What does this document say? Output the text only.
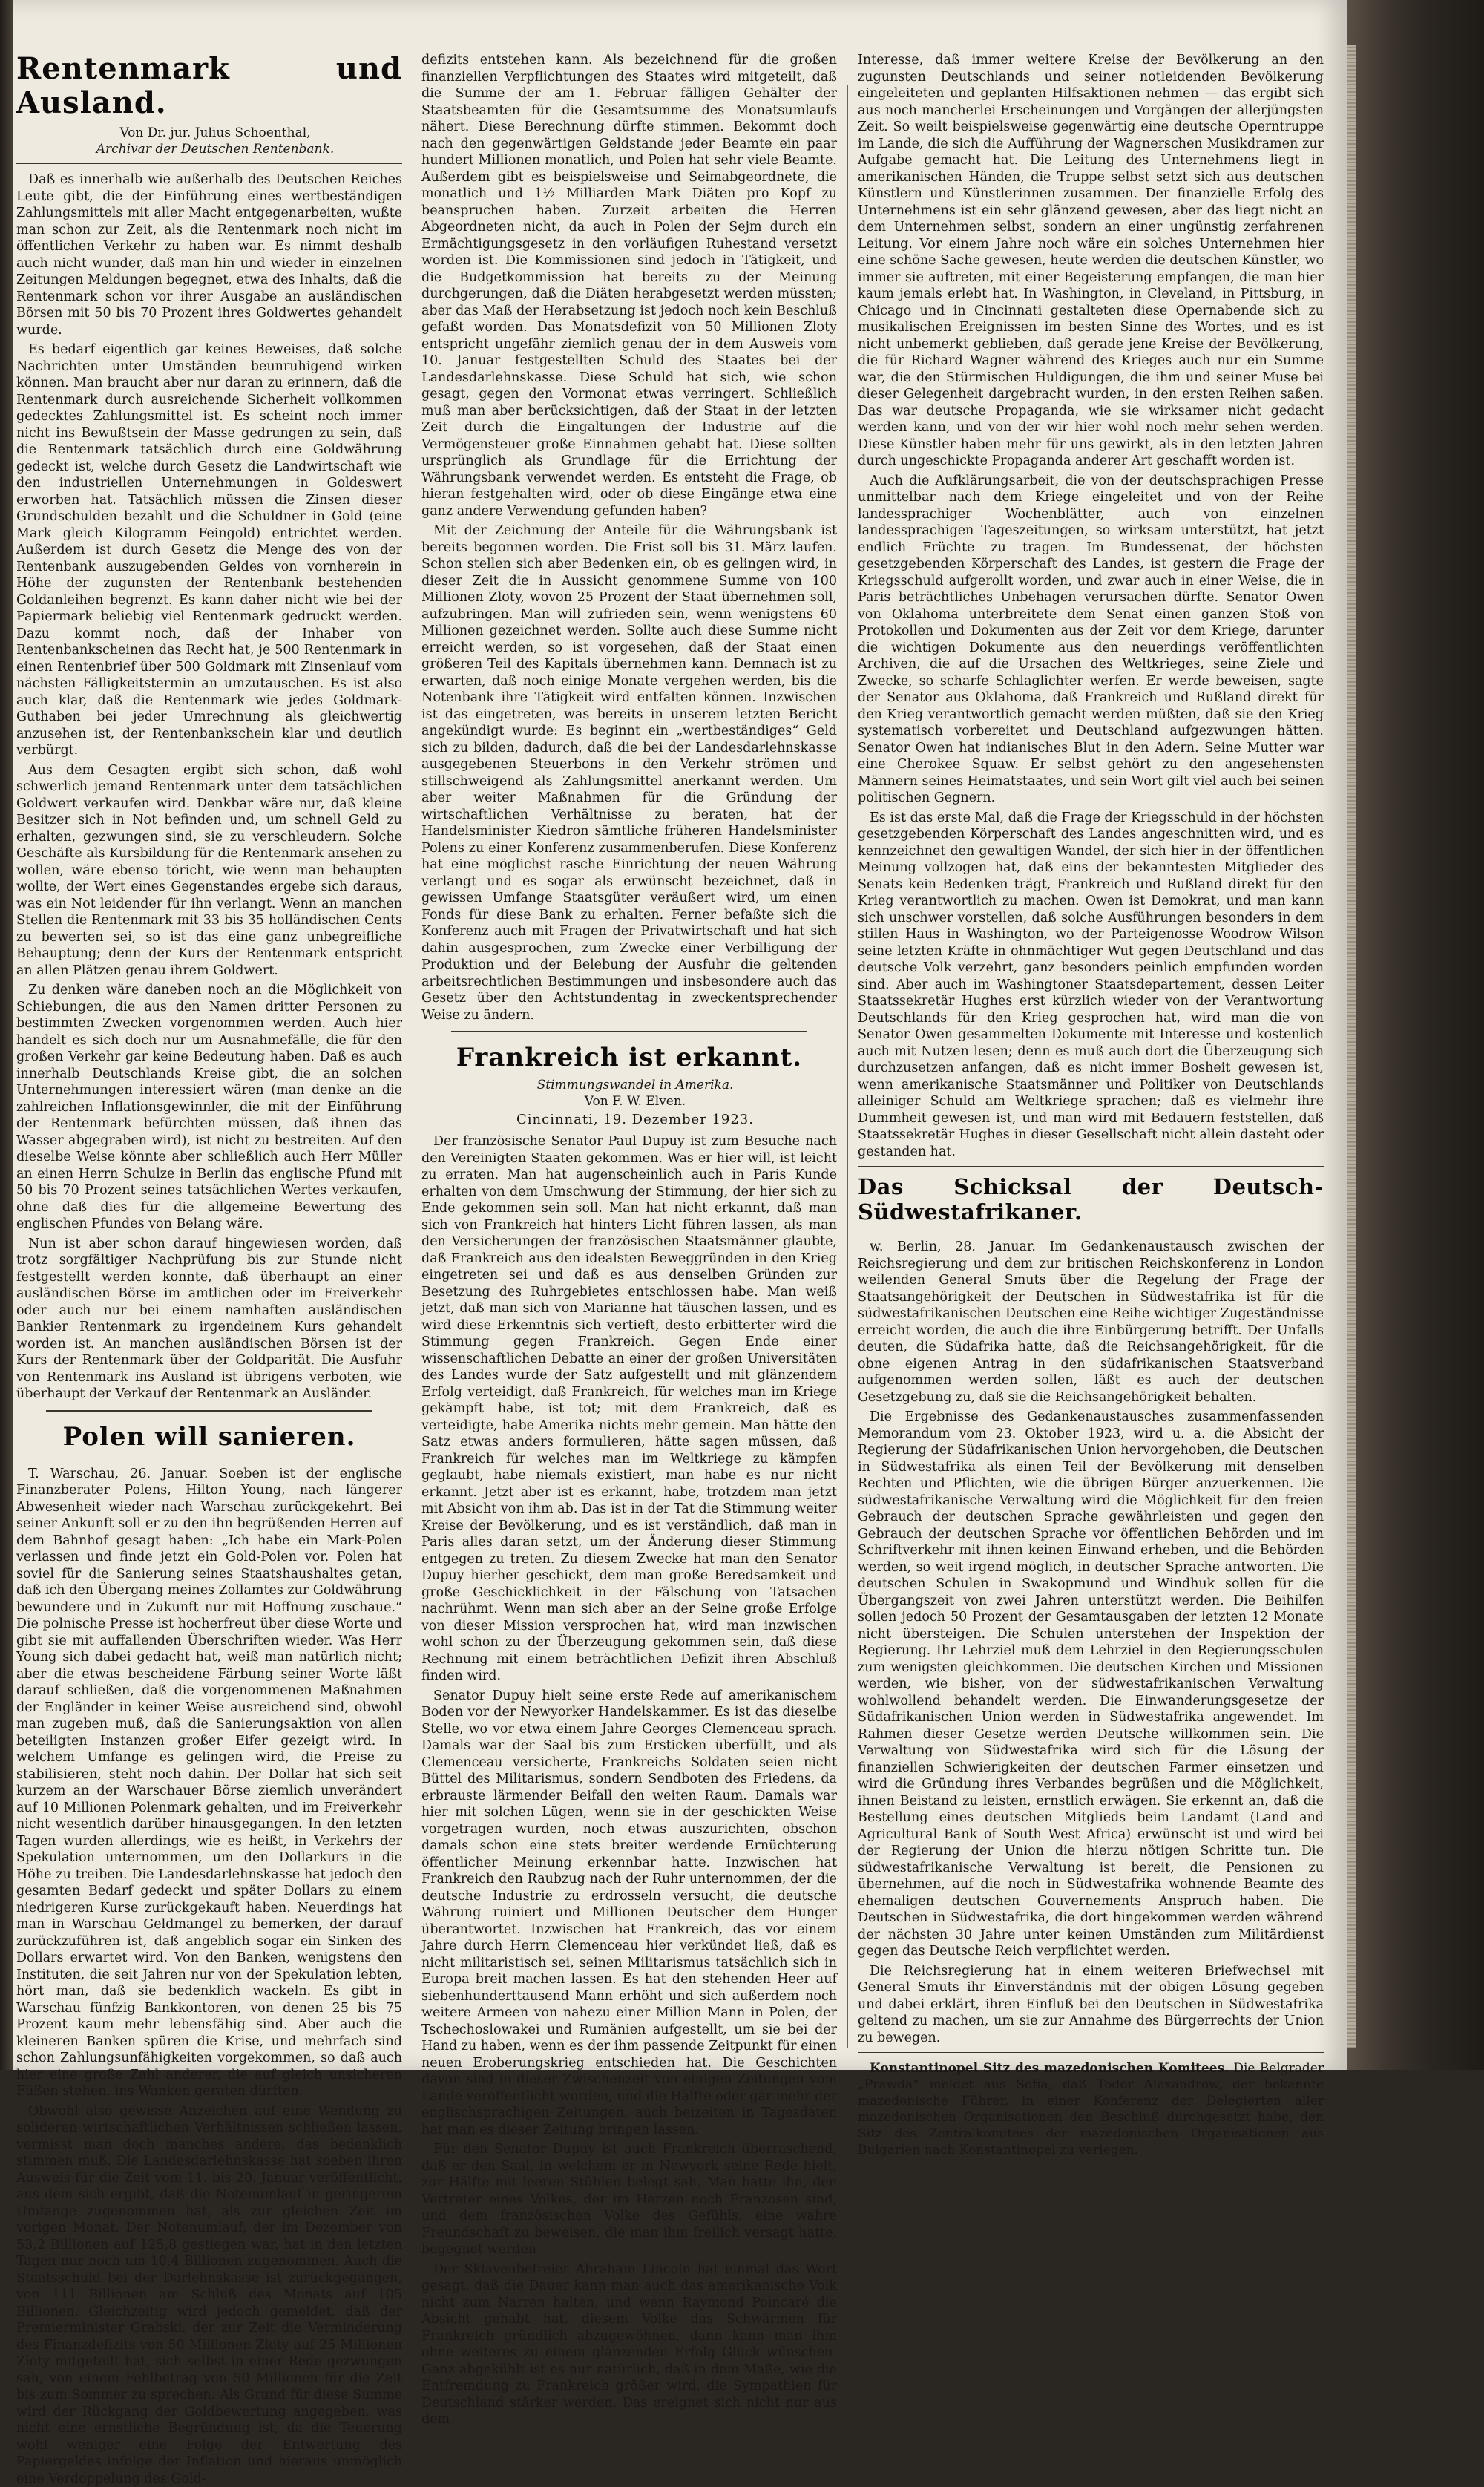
Rentenmark und Ausland.

Von Dr. jur. Julius Schoenthal,

Archivar der Deutschen Rentenbank.

Daß es innerhalb wie außerhalb des Deutschen Reiches Leute gibt, die der Einführung eines wertbeständigen Zahlungsmittels mit aller Macht entgegenarbeiten, wußte man schon zur Zeit, als die Rentenmark noch nicht im öffentlichen Verkehr zu haben war. Es nimmt deshalb auch nicht wunder, daß man hin und wieder in einzelnen Zeitungen Meldungen begegnet, etwa des Inhalts, daß die Rentenmark schon vor ihrer Ausgabe an ausländischen Börsen mit 50 bis 70 Prozent ihres Goldwertes gehandelt wurde.

Es bedarf eigentlich gar keines Beweises, daß solche Nachrichten unter Umständen beunruhigend wirken können. Man braucht aber nur daran zu erinnern, daß die Rentenmark durch ausreichende Sicherheit vollkommen gedecktes Zahlungsmittel ist. Es scheint noch immer nicht ins Bewußtsein der Masse gedrungen zu sein, daß die Rentenmark tatsächlich durch eine Goldwährung gedeckt ist, welche durch Gesetz die Landwirtschaft wie den industriellen Unternehmungen in Goldeswert erworben hat. Tatsächlich müssen die Zinsen dieser Grundschulden bezahlt und die Schuldner in Gold (eine Mark gleich Kilogramm Feingold) entrichtet werden. Außerdem ist durch Gesetz die Menge des von der Rentenbank auszugebenden Geldes von vornherein in Höhe der zugunsten der Rentenbank bestehenden Goldanleihen begrenzt. Es kann daher nicht wie bei der Papiermark beliebig viel Rentenmark gedruckt werden. Dazu kommt noch, daß der Inhaber von Rentenbankscheinen das Recht hat, je 500 Rentenmark in einen Rentenbrief über 500 Goldmark mit Zinsenlauf vom nächsten Fälligkeitstermin an umzutauschen. Es ist also auch klar, daß die Rentenmark wie jedes Goldmark-Guthaben bei jeder Umrechnung als gleichwertig anzusehen ist, der Rentenbankschein klar und deutlich verbürgt.

Aus dem Gesagten ergibt sich schon, daß wohl schwerlich jemand Rentenmark unter dem tatsächlichen Goldwert verkaufen wird. Denkbar wäre nur, daß kleine Besitzer sich in Not befinden und, um schnell Geld zu erhalten, gezwungen sind, sie zu verschleudern. Solche Geschäfte als Kursbildung für die Rentenmark ansehen zu wollen, wäre ebenso töricht, wie wenn man behaupten wollte, der Wert eines Gegenstandes ergebe sich daraus, was ein Not leidender für ihn verlangt. Wenn an manchen Stellen die Rentenmark mit 33 bis 35 holländischen Cents zu bewerten sei, so ist das eine ganz unbegreifliche Behauptung; denn der Kurs der Rentenmark entspricht an allen Plätzen genau ihrem Goldwert.

Zu denken wäre daneben noch an die Möglichkeit von Schiebungen, die aus den Namen dritter Personen zu bestimmten Zwecken vorgenommen werden. Auch hier handelt es sich doch nur um Ausnahmefälle, die für den großen Verkehr gar keine Bedeutung haben. Daß es auch innerhalb Deutschlands Kreise gibt, die an solchen Unternehmungen interessiert wären (man denke an die zahlreichen Inflationsgewinnler, die mit der Einführung der Rentenmark befürchten müssen, daß ihnen das Wasser abgegraben wird), ist nicht zu bestreiten. Auf den dieselbe Weise könnte aber schließlich auch Herr Müller an einen Herrn Schulze in Berlin das englische Pfund mit 50 bis 70 Prozent seines tatsächlichen Wertes verkaufen, ohne daß dies für die allgemeine Bewertung des englischen Pfundes von Belang wäre.

Nun ist aber schon darauf hingewiesen worden, daß trotz sorgfältiger Nachprüfung bis zur Stunde nicht festgestellt werden konnte, daß überhaupt an einer ausländischen Börse im amtlichen oder im Freiverkehr oder auch nur bei einem namhaften ausländischen Bankier Rentenmark zu irgendeinem Kurs gehandelt worden ist. An manchen ausländischen Börsen ist der Kurs der Rentenmark über der Goldparität. Die Ausfuhr von Rentenmark ins Ausland ist übrigens verboten, wie überhaupt der Verkauf der Rentenmark an Ausländer.

Polen will sanieren.

T. Warschau, 26. Januar. Soeben ist der englische Finanzberater Polens, Hilton Young, nach längerer Abwesenheit wieder nach Warschau zurückgekehrt. Bei seiner Ankunft soll er zu den ihn begrüßenden Herren auf dem Bahnhof gesagt haben: „Ich habe ein Mark-Polen verlassen und finde jetzt ein Gold-Polen vor. Polen hat soviel für die Sanierung seines Staatshaushaltes getan, daß ich den Übergang meines Zollamtes zur Goldwährung bewundere und in Zukunft nur mit Hoffnung zuschaue.“ Die polnische Presse ist hocherfreut über diese Worte und gibt sie mit auffallenden Überschriften wieder. Was Herr Young sich dabei gedacht hat, weiß man natürlich nicht; aber die etwas bescheidene Färbung seiner Worte läßt darauf schließen, daß die vorgenommenen Maßnahmen der Engländer in keiner Weise ausreichend sind, obwohl man zugeben muß, daß die Sanierungsaktion von allen beteiligten Instanzen großer Eifer gezeigt wird. In welchem Umfange es gelingen wird, die Preise zu stabilisieren, steht noch dahin. Der Dollar hat sich seit kurzem an der Warschauer Börse ziemlich unverändert auf 10 Millionen Polenmark gehalten, und im Freiverkehr nicht wesentlich darüber hinausgegangen. In den letzten Tagen wurden allerdings, wie es heißt, in Verkehrs der Spekulation unternommen, um den Dollarkurs in die Höhe zu treiben. Die Landesdarlehnskasse hat jedoch den gesamten Bedarf gedeckt und später Dollars zu einem niedrigeren Kurse zurückgekauft haben. Neuerdings hat man in Warschau Geldmangel zu bemerken, der darauf zurückzuführen ist, daß angeblich sogar ein Sinken des Dollars erwartet wird. Von den Banken, wenigstens den Instituten, die seit Jahren nur von der Spekulation lebten, hört man, daß sie bedenklich wackeln. Es gibt in Warschau fünfzig Bankkontoren, von denen 25 bis 75 Prozent kaum mehr lebensfähig sind. Aber auch die kleineren Banken spüren die Krise, und mehrfach sind schon Zahlungsunfähigkeiten vorgekommen, so daß auch hier eine große Zahl anderer, die auf gleich unsicheren Füßen stehen, ins Wanken geraten dürften.

Obwohl also gewisse Anzeichen auf eine Wendung zu solideren wirtschaftlichen Verhältnissen schließen lassen, vermisst man doch manches andere, das bedenklich stimmen muß. Die Landesdarlehnskasse hat soeben ihren Ausweis für die Zeit vom 11. bis 20. Januar veröffentlicht, aus dem sich ergibt, daß die Notenumlauf in geringerem Umfange zugenommen hat, als zur gleichen Zeit im vorigen Monat. Der Notenumlauf, der im Dezember von 53,2 Billionen auf 125,8 gestiegen war, hat in den letzten Tagen nur noch um 10,4 Billionen zugenommen. Auch die Staatsschuld bei der Darlehnskasse ist zurückgegangen, von 111 Billionen am Schluß des Monats auf 105 Billionen. Gleichzeitig wird jedoch gemeldet, daß der Premierminister Grabski, der zur Zeit die Verminderung des Finanzdefizits von 50 Millionen Zloty auf 25 Millionen Zloty mitgeteilt hat, sich selbst in einer Rede gezwungen sah, von einem Fehlbetrag von 50 Millionen für die Zeit bis zum Sommer zu sprechen. Als Grund für diese Summe wird der Rückgang der Goldbewertung angegeben, was nicht eine ernstliche Begründung ist, da die Teuerung wohl weniger eine Folge der Entwertung des Papiergeldes infolge der Inflation und hieraus unmöglich eine Verdoppelung des Gold-

defizits entstehen kann. Als bezeichnend für die großen finanziellen Verpflichtungen des Staates wird mitgeteilt, daß die Summe der am 1. Februar fälligen Gehälter der Staatsbeamten für die Gesamtsumme des Monatsumlaufs nähert. Diese Berechnung dürfte stimmen. Bekommt doch nach den gegenwärtigen Geldstande jeder Beamte ein paar hundert Millionen monatlich, und Polen hat sehr viele Beamte. Außerdem gibt es beispielsweise und Seimabgeordnete, die monatlich und 1½ Milliarden Mark Diäten pro Kopf zu beanspruchen haben. Zurzeit arbeiten die Herren Abgeordneten nicht, da auch in Polen der Sejm durch ein Ermächtigungsgesetz in den vorläufigen Ruhestand versetzt worden ist. Die Kommissionen sind jedoch in Tätigkeit, und die Budgetkommission hat bereits zu der Meinung durchgerungen, daß die Diäten herabgesetzt werden müssten; aber das Maß der Herabsetzung ist jedoch noch kein Beschluß gefaßt worden. Das Monatsdefizit von 50 Millionen Zloty entspricht ungefähr ziemlich genau der in dem Ausweis vom 10. Januar festgestellten Schuld des Staates bei der Landesdarlehnskasse. Diese Schuld hat sich, wie schon gesagt, gegen den Vormonat etwas verringert. Schließlich muß man aber berücksichtigen, daß der Staat in der letzten Zeit durch die Eingaltungen der Industrie auf die Vermögensteuer große Einnahmen gehabt hat. Diese sollten ursprünglich als Grundlage für die Errichtung der Währungsbank verwendet werden. Es entsteht die Frage, ob hieran festgehalten wird, oder ob diese Eingänge etwa eine ganz andere Verwendung gefunden haben?

Mit der Zeichnung der Anteile für die Währungsbank ist bereits begonnen worden. Die Frist soll bis 31. März laufen. Schon stellen sich aber Bedenken ein, ob es gelingen wird, in dieser Zeit die in Aussicht genommene Summe von 100 Millionen Zloty, wovon 25 Prozent der Staat übernehmen soll, aufzubringen. Man will zufrieden sein, wenn wenigstens 60 Millionen gezeichnet werden. Sollte auch diese Summe nicht erreicht werden, so ist vorgesehen, daß der Staat einen größeren Teil des Kapitals übernehmen kann. Demnach ist zu erwarten, daß noch einige Monate vergehen werden, bis die Notenbank ihre Tätigkeit wird entfalten können. Inzwischen ist das eingetreten, was bereits in unserem letzten Bericht angekündigt wurde: Es beginnt ein „wertbeständiges“ Geld sich zu bilden, dadurch, daß die bei der Landesdarlehnskasse ausgegebenen Steuerbons in den Verkehr strömen und stillschweigend als Zahlungsmittel anerkannt werden. Um aber weiter Maßnahmen für die Gründung der wirtschaftlichen Verhältnisse zu beraten, hat der Handelsminister Kiedron sämtliche früheren Handelsminister Polens zu einer Konferenz zusammenberufen. Diese Konferenz hat eine möglichst rasche Einrichtung der neuen Währung verlangt und es sogar als erwünscht bezeichnet, daß in gewissen Umfange Staatsgüter veräußert wird, um einen Fonds für diese Bank zu erhalten. Ferner befaßte sich die Konferenz auch mit Fragen der Privatwirtschaft und hat sich dahin ausgesprochen, zum Zwecke einer Verbilligung der Produktion und der Belebung der Ausfuhr die geltenden arbeitsrechtlichen Bestimmungen und insbesondere auch das Gesetz über den Achtstundentag in zweckentsprechender Weise zu ändern.

Frankreich ist erkannt.

Stimmungswandel in Amerika.

Von F. W. Elven.

Cincinnati, 19. Dezember 1923.

Der französische Senator Paul Dupuy ist zum Besuche nach den Vereinigten Staaten gekommen. Was er hier will, ist leicht zu erraten. Man hat augenscheinlich auch in Paris Kunde erhalten von dem Umschwung der Stimmung, der hier sich zu Ende gekommen sein soll. Man hat nicht erkannt, daß man sich von Frankreich hat hinters Licht führen lassen, als man den Versicherungen der französischen Staatsmänner glaubte, daß Frankreich aus den idealsten Beweggründen in den Krieg eingetreten sei und daß es aus denselben Gründen zur Besetzung des Ruhrgebietes entschlossen habe. Man weiß jetzt, daß man sich von Marianne hat täuschen lassen, und es wird diese Erkenntnis sich vertieft, desto erbitterter wird die Stimmung gegen Frankreich. Gegen Ende einer wissenschaftlichen Debatte an einer der großen Universitäten des Landes wurde der Satz aufgestellt und mit glänzendem Erfolg verteidigt, daß Frankreich, für welches man im Kriege gekämpft habe, ist tot; mit dem Frankreich, daß es verteidigte, habe Amerika nichts mehr gemein. Man hätte den Satz etwas anders formulieren, hätte sagen müssen, daß Frankreich für welches man im Weltkriege zu kämpfen geglaubt, habe niemals existiert, man habe es nur nicht erkannt. Jetzt aber ist es erkannt, habe, trotzdem man jetzt mit Absicht von ihm ab. Das ist in der Tat die Stimmung weiter Kreise der Bevölkerung, und es ist verständlich, daß man in Paris alles daran setzt, um der Änderung dieser Stimmung entgegen zu treten. Zu diesem Zwecke hat man den Senator Dupuy hierher geschickt, dem man große Beredsamkeit und große Geschicklichkeit in der Fälschung von Tatsachen nachrühmt. Wenn man sich aber an der Seine große Erfolge von dieser Mission versprochen hat, wird man inzwischen wohl schon zu der Überzeugung gekommen sein, daß diese Rechnung mit einem beträchtlichen Defizit ihren Abschluß finden wird.

Senator Dupuy hielt seine erste Rede auf amerikanischem Boden vor der Newyorker Handelskammer. Es ist das dieselbe Stelle, wo vor etwa einem Jahre Georges Clemenceau sprach. Damals war der Saal bis zum Ersticken überfüllt, und als Clemenceau versicherte, Frankreichs Soldaten seien nicht Büttel des Militarismus, sondern Sendboten des Friedens, da erbrauste lärmender Beifall den weiten Raum. Damals war hier mit solchen Lügen, wenn sie in der geschickten Weise vorgetragen wurden, noch etwas auszurichten, obschon damals schon eine stets breiter werdende Ernüchterung öffentlicher Meinung erkennbar hatte. Inzwischen hat Frankreich den Raubzug nach der Ruhr unternommen, der die deutsche Industrie zu erdrosseln versucht, die deutsche Währung ruiniert und Millionen Deutscher dem Hunger überantwortet. Inzwischen hat Frankreich, das vor einem Jahre durch Herrn Clemenceau hier verkündet ließ, daß es nicht militaristisch sei, seinen Militarismus tatsächlich sich in Europa breit machen lassen. Es hat den stehenden Heer auf siebenhunderttausend Mann erhöht und sich außerdem noch weitere Armeen von nahezu einer Million Mann in Polen, der Tschechoslowakei und Rumänien aufgestellt, um sie bei der Hand zu haben, wenn es der ihm passende Zeitpunkt für einen neuen Eroberungskrieg entschieden hat. Die Geschichten davon sind in dieser Zwischenzeit von einigen Zeitungen vom Lande veröffentlicht worden, und die Hälfte oder gar mehr der englischsprachigen Zeitungen, auch beizeiten in Tagesdaten hat man es dieser Zeitung bringen lassen.

Für den Senator Dupuy ist auch Frankreich überraschend, daß er den Saal, in welchem er in Newyork seine Rede hielt, zur Hälfte mit leeren Stühlen belegt sah. Man hatte ihn, den Vertreter eines Volkes, der im Herzen noch Franzosen sind, und dem französischen Volke des Gefühls, eine wahre Freundschaft zu beweisen, die man ihm freilich versagt hatte, begegnet werden.

Der Sklavenbefreier Abraham Lincoln hat einmal das Wort gesagt, daß die Dauer kann man auch das amerikanische Volk nicht zum Narren halten, und wenn Raymond Poincaré die Absicht gehabt hat, diesem Volke das Schwärmen für Frankreich gründlich abzugewöhnen, dann kann man ihm ohne weiteres zu einem glänzenden Erfolg Glück wünschen. Ganz abgekühlt ist es nur natürlich, daß in dem Maße, wie die Entfremdung zu Frankreich größer wird, die Sympathien für Deutschland stärker werden. Das ereignet sich nicht nur aus dem

Interesse, daß immer weitere Kreise der Bevölkerung an den zugunsten Deutschlands und seiner notleidenden Bevölkerung eingeleiteten und geplanten Hilfsaktionen nehmen — das ergibt sich aus noch mancherlei Erscheinungen und Vorgängen der allerjüngsten Zeit. So weilt beispielsweise gegenwärtig eine deutsche Operntruppe im Lande, die sich die Aufführung der Wagnerschen Musikdramen zur Aufgabe gemacht hat. Die Leitung des Unternehmens liegt in amerikanischen Händen, die Truppe selbst setzt sich aus deutschen Künstlern und Künstlerinnen zusammen. Der finanzielle Erfolg des Unternehmens ist ein sehr glänzend gewesen, aber das liegt nicht an dem Unternehmen selbst, sondern an einer ungünstig zerfahrenen Leitung. Vor einem Jahre noch wäre ein solches Unternehmen hier eine schöne Sache gewesen, heute werden die deutschen Künstler, wo immer sie auftreten, mit einer Begeisterung empfangen, die man hier kaum jemals erlebt hat. In Washington, in Cleveland, in Pittsburg, in Chicago und in Cincinnati gestalteten diese Opernabende sich zu musikalischen Ereignissen im besten Sinne des Wortes, und es ist nicht unbemerkt geblieben, daß gerade jene Kreise der Bevölkerung, die für Richard Wagner während des Krieges auch nur ein Summe war, die den Stürmischen Huldigungen, die ihm und seiner Muse bei dieser Gelegenheit dargebracht wurden, in den ersten Reihen saßen. Das war deutsche Propaganda, wie sie wirksamer nicht gedacht werden kann, und von der wir hier wohl noch mehr sehen werden. Diese Künstler haben mehr für uns gewirkt, als in den letzten Jahren durch ungeschickte Propaganda anderer Art geschafft worden ist.

Auch die Aufklärungsarbeit, die von der deutschsprachigen Presse unmittelbar nach dem Kriege eingeleitet und von der Reihe landessprachiger Wochenblätter, auch von einzelnen landessprachigen Tageszeitungen, so wirksam unterstützt, hat jetzt endlich Früchte zu tragen. Im Bundessenat, der höchsten gesetzgebenden Körperschaft des Landes, ist gestern die Frage der Kriegsschuld aufgerollt worden, und zwar auch in einer Weise, die in Paris beträchtliches Unbehagen verursachen dürfte. Senator Owen von Oklahoma unterbreitete dem Senat einen ganzen Stoß von Protokollen und Dokumenten aus der Zeit vor dem Kriege, darunter die wichtigen Dokumente aus den neuerdings veröffentlichten Archiven, die auf die Ursachen des Weltkrieges, seine Ziele und Zwecke, so scharfe Schlaglichter werfen. Er werde beweisen, sagte der Senator aus Oklahoma, daß Frankreich und Rußland direkt für den Krieg verantwortlich gemacht werden müßten, daß sie den Krieg systematisch vorbereitet und Deutschland aufgezwungen hätten. Senator Owen hat indianisches Blut in den Adern. Seine Mutter war eine Cherokee Squaw. Er selbst gehört zu den angesehensten Männern seines Heimatstaates, und sein Wort gilt viel auch bei seinen politischen Gegnern.

Es ist das erste Mal, daß die Frage der Kriegsschuld in der höchsten gesetzgebenden Körperschaft des Landes angeschnitten wird, und es kennzeichnet den gewaltigen Wandel, der sich hier in der öffentlichen Meinung vollzogen hat, daß eins der bekanntesten Mitglieder des Senats kein Bedenken trägt, Frankreich und Rußland direkt für den Krieg verantwortlich zu machen. Owen ist Demokrat, und man kann sich unschwer vorstellen, daß solche Ausführungen besonders in dem stillen Haus in Washington, wo der Parteigenosse Woodrow Wilson seine letzten Kräfte in ohnmächtiger Wut gegen Deutschland und das deutsche Volk verzehrt, ganz besonders peinlich empfunden worden sind. Aber auch im Washingtoner Staatsdepartement, dessen Leiter Staatssekretär Hughes erst kürzlich wieder von der Verantwortung Deutschlands für den Krieg gesprochen hat, wird man die von Senator Owen gesammelten Dokumente mit Interesse und kostenlich auch mit Nutzen lesen; denn es muß auch dort die Überzeugung sich durchzusetzen anfangen, daß es nicht immer Bosheit gewesen ist, wenn amerikanische Staatsmänner und Politiker von Deutschlands alleiniger Schuld am Weltkriege sprachen; daß es vielmehr ihre Dummheit gewesen ist, und man wird mit Bedauern feststellen, daß Staatssekretär Hughes in dieser Gesellschaft nicht allein dasteht oder gestanden hat.

Das Schicksal der Deutsch-Südwestafrikaner.

w. Berlin, 28. Januar. Im Gedankenaustausch zwischen der Reichsregierung und dem zur britischen Reichskonferenz in London weilenden General Smuts über die Regelung der Frage der Staatsangehörigkeit der Deutschen in Südwestafrika ist für die südwestafrikanischen Deutschen eine Reihe wichtiger Zugeständnisse erreicht worden, die auch die ihre Einbürgerung betrifft. Der Unfalls deuten, die Südafrika hatte, daß die Reichsangehörigkeit, für die obne eigenen Antrag in den südafrikanischen Staatsverband aufgenommen werden sollen, läßt es auch der deutschen Gesetzgebung zu, daß sie die Reichsangehörigkeit behalten.

Die Ergebnisse des Gedankenaustausches zusammenfassenden Memorandum vom 23. Oktober 1923, wird u. a. die Absicht der Regierung der Südafrikanischen Union hervorgehoben, die Deutschen in Südwestafrika als einen Teil der Bevölkerung mit denselben Rechten und Pflichten, wie die übrigen Bürger anzuerkennen. Die südwestafrikanische Verwaltung wird die Möglichkeit für den freien Gebrauch der deutschen Sprache gewährleisten und gegen den Gebrauch der deutschen Sprache vor öffentlichen Behörden und im Schriftverkehr mit ihnen keinen Einwand erheben, und die Behörden werden, so weit irgend möglich, in deutscher Sprache antworten. Die deutschen Schulen in Swakopmund und Windhuk sollen für die Übergangszeit von zwei Jahren unterstützt werden. Die Beihilfen sollen jedoch 50 Prozent der Gesamtausgaben der letzten 12 Monate nicht übersteigen. Die Schulen unterstehen der Inspektion der Regierung. Ihr Lehrziel muß dem Lehrziel in den Regierungsschulen zum wenigsten gleichkommen. Die deutschen Kirchen und Missionen werden, wie bisher, von der südwestafrikanischen Verwaltung wohlwollend behandelt werden. Die Einwanderungsgesetze der Südafrikanischen Union werden in Südwestafrika angewendet. Im Rahmen dieser Gesetze werden Deutsche willkommen sein. Die Verwaltung von Südwestafrika wird sich für die Lösung der finanziellen Schwierigkeiten der deutschen Farmer einsetzen und wird die Gründung ihres Verbandes begrüßen und die Möglichkeit, ihnen Beistand zu leisten, ernstlich erwägen. Sie erkennt an, daß die Bestellung eines deutschen Mitglieds beim Landamt (Land and Agricultural Bank of South West Africa) erwünscht ist und wird bei der Regierung der Union die hierzu nötigen Schritte tun. Die südwestafrikanische Verwaltung ist bereit, die Pensionen zu übernehmen, auf die noch in Südwestafrika wohnende Beamte des ehemaligen deutschen Gouvernements Anspruch haben. Die Deutschen in Südwestafrika, die dort hingekommen werden während der nächsten 30 Jahre unter keinen Umständen zum Militärdienst gegen das Deutsche Reich verpflichtet werden.

Die Reichsregierung hat in einem weiteren Briefwechsel mit General Smuts ihr Einverständnis mit der obigen Lösung gegeben und dabei erklärt, ihren Einfluß bei den Deutschen in Südwestafrika geltend zu machen, um sie zur Annahme des Bürgerrechts der Union zu bewegen.

Konstantinopel Sitz des mazedonischen Komitees. Die Belgrader „Prawda“ meldet aus Sofia, daß Todor Alexandrow, der bekannte mazedonische Führer, in einer Konferenz der Delegierten aller mazedonischen Organisationen den Beschluß durchgesetzt habe, den Sitz des Zentralkomitees der mazedonischen Organisationen aus Bulgarien nach Konstantinopel zu verlegen.
